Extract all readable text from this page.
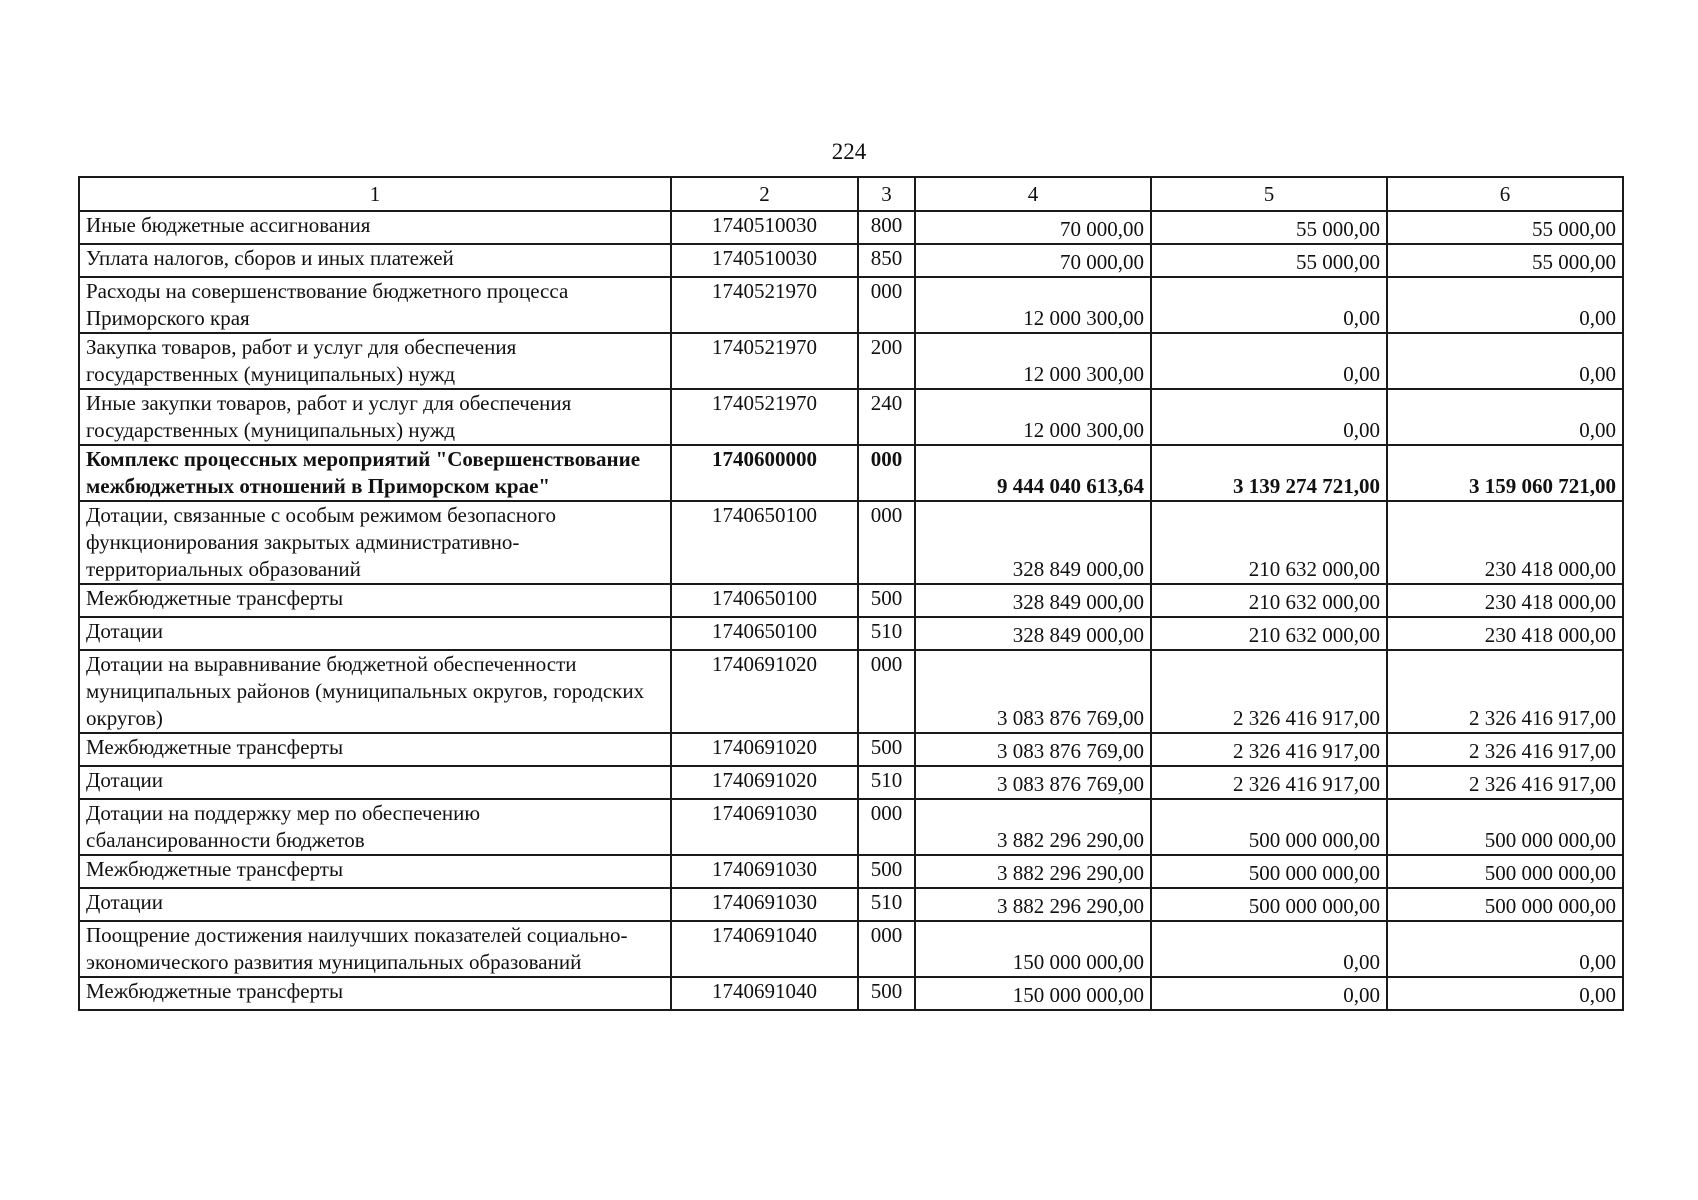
224
1	2	3	4	5	6
Иные бюджетные ассигнования	1740510030	800	70 000,00	55 000,00	55 000,00
Уплата налогов, сборов и иных платежей	1740510030	850	70 000,00	55 000,00	55 000,00
Расходы на совершенствование бюджетного процесса Приморского края	1740521970	000	12 000 300,00	0,00	0,00
Закупка товаров, работ и услуг для обеспечения государственных (муниципальных) нужд	1740521970	200	12 000 300,00	0,00	0,00
Иные закупки товаров, работ и услуг для обеспечения государственных (муниципальных) нужд	1740521970	240	12 000 300,00	0,00	0,00
Комплекс процессных мероприятий "Совершенствование межбюджетных отношений в Приморском крае"	1740600000	000	9 444 040 613,64	3 139 274 721,00	3 159 060 721,00
Дотации, связанные с особым режимом безопасного функционирования закрытых административно-территориальных образований	1740650100	000	328 849 000,00	210 632 000,00	230 418 000,00
Межбюджетные трансферты	1740650100	500	328 849 000,00	210 632 000,00	230 418 000,00
Дотации	1740650100	510	328 849 000,00	210 632 000,00	230 418 000,00
Дотации на выравнивание бюджетной обеспеченности муниципальных районов (муниципальных округов, городских округов)	1740691020	000	3 083 876 769,00	2 326 416 917,00	2 326 416 917,00
Межбюджетные трансферты	1740691020	500	3 083 876 769,00	2 326 416 917,00	2 326 416 917,00
Дотации	1740691020	510	3 083 876 769,00	2 326 416 917,00	2 326 416 917,00
Дотации на поддержку мер по обеспечению сбалансированности бюджетов	1740691030	000	3 882 296 290,00	500 000 000,00	500 000 000,00
Межбюджетные трансферты	1740691030	500	3 882 296 290,00	500 000 000,00	500 000 000,00
Дотации	1740691030	510	3 882 296 290,00	500 000 000,00	500 000 000,00
Поощрение достижения наилучших показателей социально-экономического развития муниципальных образований	1740691040	000	150 000 000,00	0,00	0,00
Межбюджетные трансферты	1740691040	500	150 000 000,00	0,00	0,00
